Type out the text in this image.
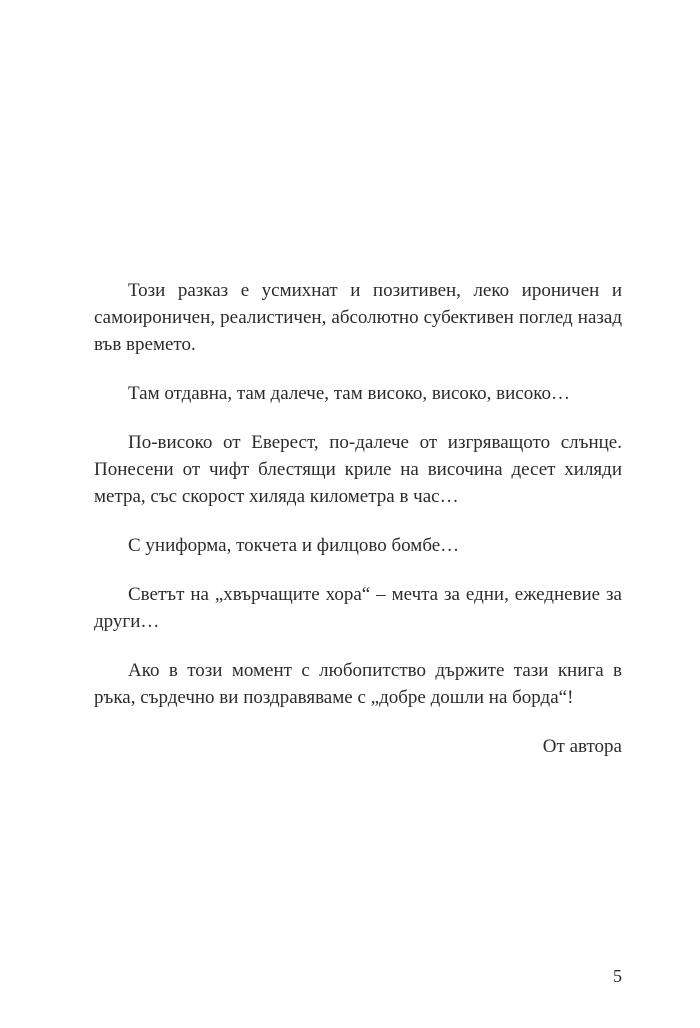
Този разказ е усмихнат и позитивен, леко ироничен и самоироничен, реалистичен, абсолютно субективен поглед назад във времето.

Там отдавна, там далече, там високо, високо, високо…

По-високо от Еверест, по-далече от изгряващото слънце. Понесени от чифт блестящи криле на височина десет хиляди метра, със скорост хиляда километра в час…

С униформа, токчета и филцово бомбе…

Светът на „хвърчащите хора“ – мечта за едни, ежедневие за други…

Ако в този момент с любопитство държите тази книга в ръка, сърдечно ви поздравяваме с „добре дошли на борда“!

От автора

5
